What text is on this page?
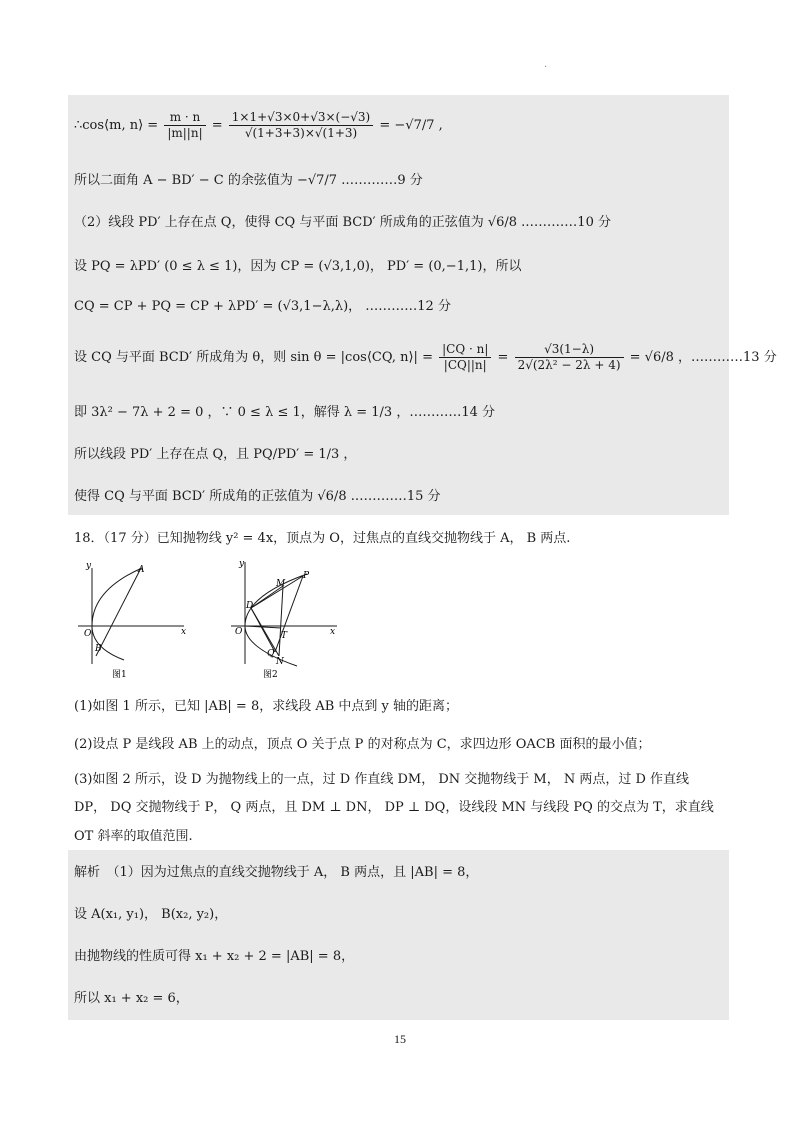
·
∴cos⟨m, n⟩ = $\frac{m \cdot n}{|m||n|} = \frac{1\times 1+√3\times 0+√3\times(-√3)}{√(1+3+3)\times√(1+3)} = -√7/7$ ,
所以二面角 A − BD′ − C 的余弦值为 −√7/7 .…………9 分
（2）线段 PD′ 上存在点 Q，使得 CQ 与平面 BCD′ 所成角的正弦值为 √6/8 .…………10 分
设 PQ = λPD′ (0 ≤ λ ≤ 1)，因为 CP = (√3,1,0)， PD′ = (0,−1,1)，所以
CQ = CP + PQ = CP + λPD′ = (√3,1−λ,λ)， …………12 分
设 CQ 与平面 BCD′ 所成角为 θ，则 sin θ = |cos⟨CQ, n⟩| = $\frac{|CQ \cdot n|}{|CQ||n|} = \frac{√3(1-\lambda)}{\text{2√(2λ² − 2λ + 4)}} = √6/8$ ，…………13 分
即 3λ² − 7λ + 2 = 0 ，∵ 0 ≤ λ ≤ 1，解得 λ = 1/3 ，…………14 分
所以线段 PD′ 上存在点 Q，且 PQ/PD′ = 1/3 ，
使得 CQ 与平面 BCD′ 所成角的正弦值为 √6/8 .…………15 分
18．（17 分）已知抛物线 y² = 4x，顶点为 O，过焦点的直线交抛物线于 A， B 两点.
y	A
O	x
B
图1
y
M
P
D
O	T	x
Q
N
图2
(1)如图 1 所示，已知 |AB| = 8，求线段 AB 中点到 y 轴的距离；
(2)设点 P 是线段 AB 上的动点，顶点 O 关于点 P 的对称点为 C，求四边形 OACB 面积的最小值；
(3)如图 2 所示，设 D 为抛物线上的一点，过 D 作直线 DM， DN 交抛物线于 M， N 两点，过 D 作直线
DP， DQ 交抛物线于 P， Q 两点，且 DM ⊥ DN， DP ⊥ DQ，设线段 MN 与线段 PQ 的交点为 T，求直线
OT 斜率的取值范围.
解析　（1）因为过焦点的直线交抛物线于 A， B 两点，且 |AB| = 8，
设 A(x₁, y₁)， B(x₂, y₂)，
由抛物线的性质可得 x₁ + x₂ + 2 = |AB| = 8，
所以 x₁ + x₂ = 6，
15
